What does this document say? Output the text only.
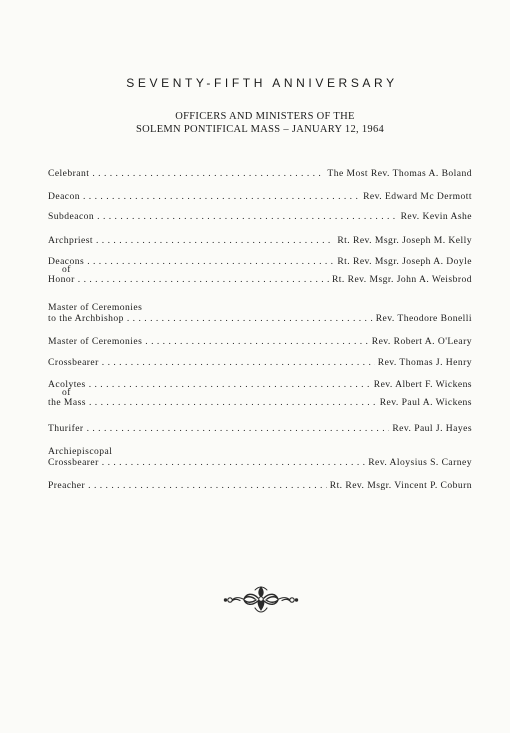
SEVENTY-FIFTH ANNIVERSARY
OFFICERS AND MINISTERS OF THE
SOLEMN PONTIFICAL MASS – JANUARY 12, 1964
Celebrant . . .	The Most Rev. Thomas A. Boland
Deacon . . .	Rev. Edward Mc Dermott
Subdeacon . . .	Rev. Kevin Ashe
Archpriest . . .	Rt. Rev. Msgr. Joseph M. Kelly
Deacons . . .	Rt. Rev. Msgr. Joseph A. Doyle
of
Honor . . .	Rt. Rev. Msgr. John A. Weisbrod
Master of Ceremonies
to the Archbishop . . .	Rev. Theodore Bonelli
Master of Ceremonies . . .	Rev. Robert A. O'Leary
Crossbearer . . .	Rev. Thomas J. Henry
Acolytes . . .	Rev. Albert F. Wickens
of
the Mass . . .	Rev. Paul A. Wickens
Thurifer . . .	Rev. Paul J. Hayes
Archiepiscopal
Crossbearer . . .	Rev. Aloysius S. Carney
Preacher . . .	Rt. Rev. Msgr. Vincent P. Coburn
